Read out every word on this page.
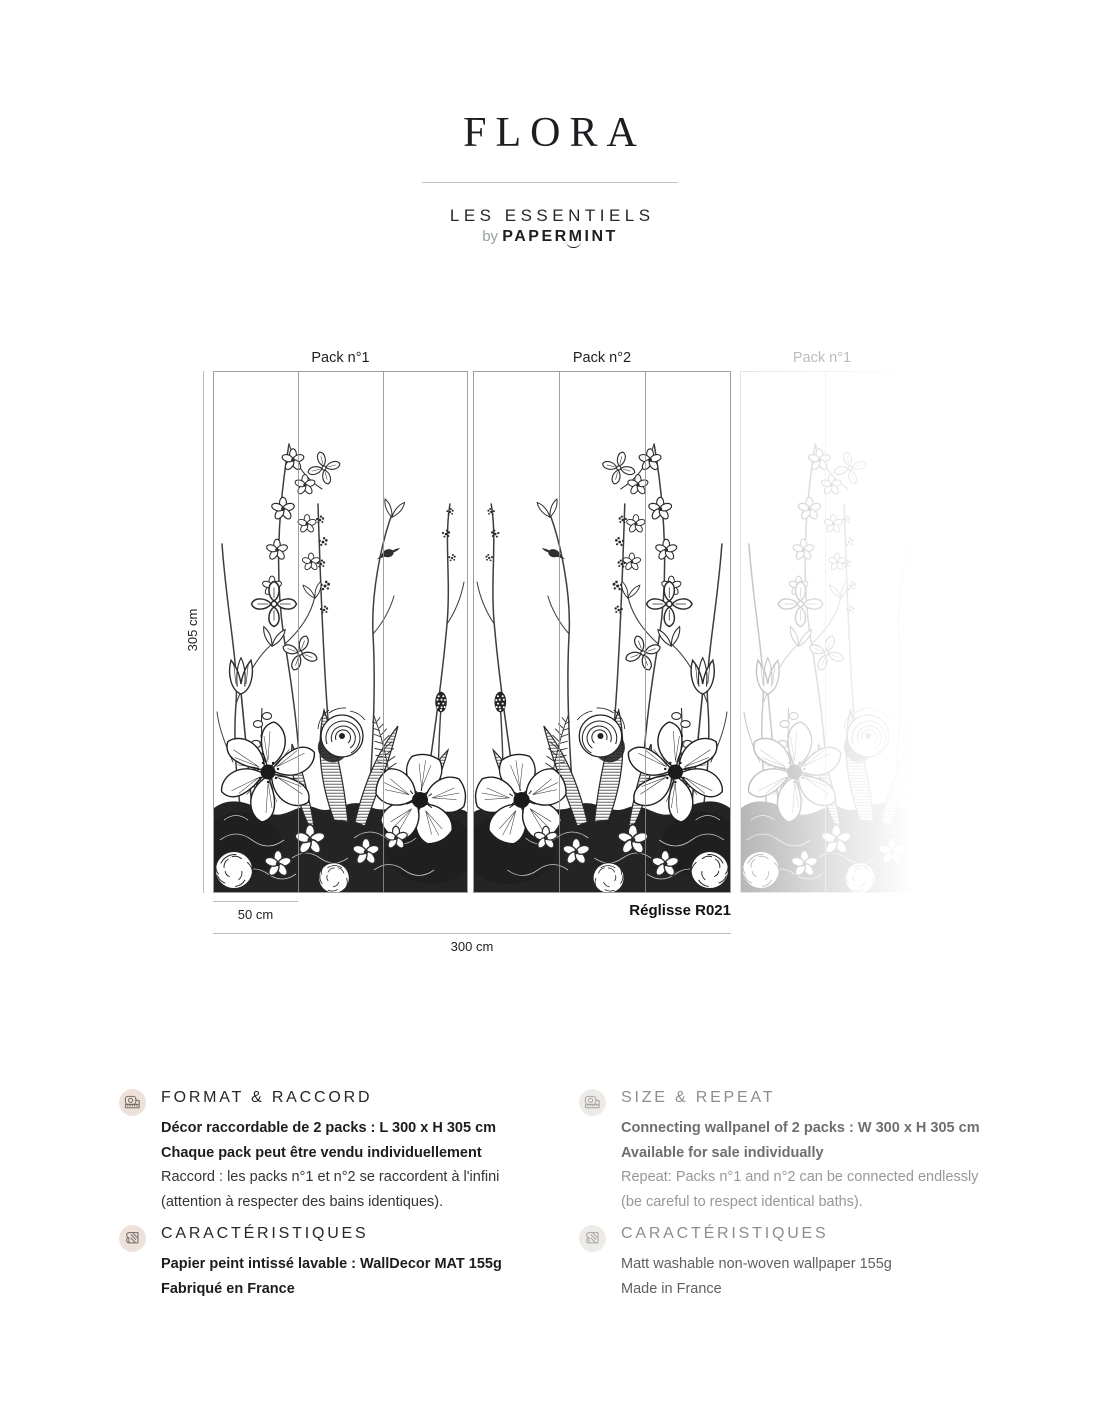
FLORA
LES ESSENTIELS
by PAPERMINT
Pack n°1	Pack n°2	Pack n°1
305 cm
50 cm	Réglisse R021
300 cm
FORMAT & RACCORD

Décor raccordable de 2 packs : L 300 x H 305 cm

Chaque pack peut être vendu individuellement

Raccord : les packs n°1 et n°2 se raccordent à l'infini

(attention à respecter des bains identiques).

SIZE & REPEAT

Connecting wallpanel of 2 packs : W 300 x H 305 cm

Available for sale individually

Repeat: Packs n°1 and n°2 can be connected endlessly

(be careful to respect identical baths).

CARACTÉRISTIQUES

Papier peint intissé lavable : WallDecor MAT 155g

Fabriqué en France

CARACTÉRISTIQUES

Matt washable non-woven wallpaper 155g

Made in France
